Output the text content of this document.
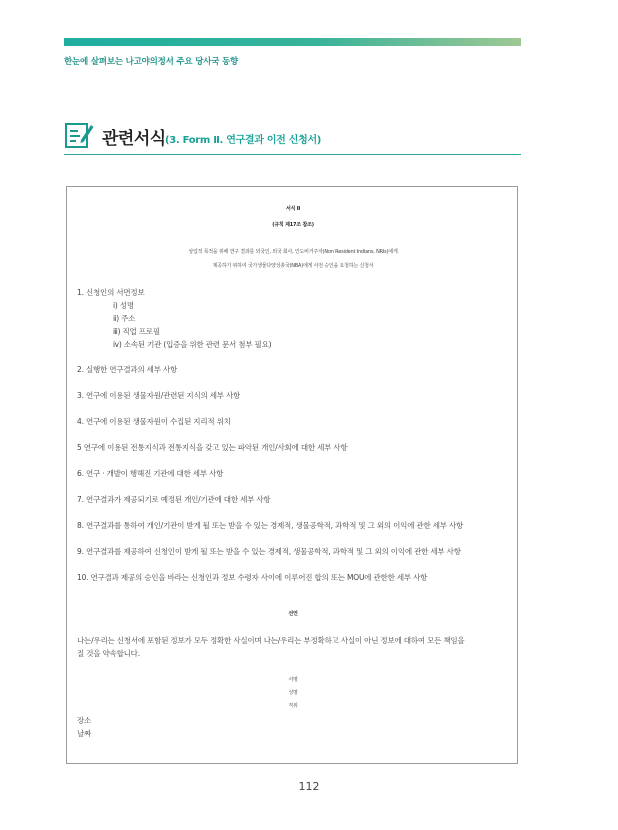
한눈에 살펴보는 나고야의정서 주요 당사국 동향
관련서식 (3. Form Ⅱ. 연구결과 이전 신청서)
서식 II
(규칙 제17조 참조)
상업적 목적을 위해 연구 결과를 외국인, 외국 회사, 인도비거주자(Non Resident Indians, NRIs)에게
제공하기 위하여 국가생물다양성총국(NBA)에게 사전 승인을 요청하는 신청서
1. 신청인의 서면정보
ⅰ) 성명
ⅱ) 주소
ⅲ) 직업 프로필
ⅳ) 소속된 기관 (입증을 위한 관련 문서 첨부 필요)
2. 실행한 연구결과의 세부 사항
3. 연구에 이용된 생물자원/관련된 지식의 세부 사항
4. 연구에 이용된 생물자원이 수집된 지리적 위치
5 연구에 이용된 전통지식과 전통지식을 갖고 있는 파악된 개인/사회에 대한 세부 사항
6. 연구 · 개발이 행해진 기관에 대한 세부 사항
7. 연구결과가 제공되기로 예정된 개인/기관에 대한 세부 사항
8. 연구결과를 통하여 개인/기관이 받게 될 또는 받을 수 있는 경제적, 생물공학적, 과학적 및 그 외의 이익에 관한 세부 사항
9. 연구결과를 제공하여 신청인이 받게 될 또는 받을 수 있는 경제적, 생물공학적, 과학적 및 그 외의 이익에 관한 세부 사항
10. 연구결과 제공의 승인을 바라는 신청인과 정보 수령자 사이에 이루어진 합의 또는 MOU에 관한한 세부 사항
선언
나는/우리는 신청서에 포함된 정보가 모두 정확한 사실이며 나는/우리는 부정확하고 사실이 아닌 정보에 대하여 모든 책임을
질 것을 약속합니다.
서명
성명
직위
장소
날짜
112
